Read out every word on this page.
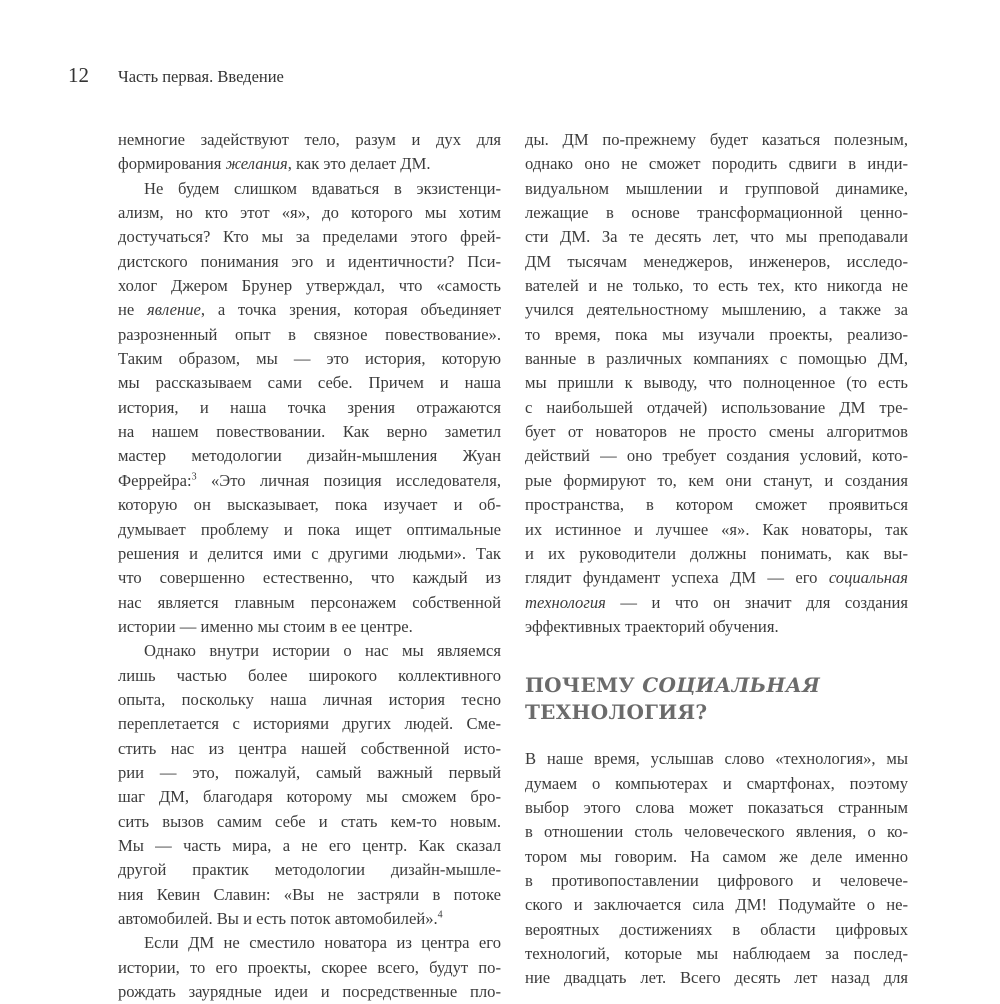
12	Часть первая. Введение
немногие задействуют тело, разум и дух для
формирования желания, как это делает ДМ.
Не будем слишком вдаваться в экзистенци-
ализм, но кто этот «я», до которого мы хотим
достучаться? Кто мы за пределами этого фрей-
дистского понимания эго и идентичности? Пси-
холог Джером Брунер утверждал, что «самость
не явление, а точка зрения, которая объединяет
разрозненный опыт в связное повествование».
Таким образом, мы — это история, которую
мы рассказываем сами себе. Причем и наша
история, и наша точка зрения отражаются
на нашем повествовании. Как верно заметил
мастер методологии дизайн-мышления Жуан
Феррейра:$^3$ «Это личная позиция исследователя,
которую он высказывает, пока изучает и об-
думывает проблему и пока ищет оптимальные
решения и делится ими с другими людьми». Так
что совершенно естественно, что каждый из
нас является главным персонажем собственной
истории — именно мы стоим в ее центре.
Однако внутри истории о нас мы являемся
лишь частью более широкого коллективного
опыта, поскольку наша личная история тесно
переплетается с историями других людей. Сме-
стить нас из центра нашей собственной исто-
рии — это, пожалуй, самый важный первый
шаг ДМ, благодаря которому мы сможем бро-
сить вызов самим себе и стать кем-то новым.
Мы — часть мира, а не его центр. Как сказал
другой практик методологии дизайн-мышле-
ния Кевин Славин: «Вы не застряли в потоке
автомобилей. Вы и есть поток автомобилей».$^4$
Если ДМ не сместило новатора из центра его
истории, то его проекты, скорее всего, будут по-
рождать заурядные идеи и посредственные пло-
ды. ДМ по-прежнему будет казаться полезным,
однако оно не сможет породить сдвиги в инди-
видуальном мышлении и групповой динамике,
лежащие в основе трансформационной ценно-
сти ДМ. За те десять лет, что мы преподавали
ДМ тысячам менеджеров, инженеров, исследо-
вателей и не только, то есть тех, кто никогда не
учился деятельностному мышлению, а также за
то время, пока мы изучали проекты, реализо-
ванные в различных компаниях с помощью ДМ,
мы пришли к выводу, что полноценное (то есть
с наибольшей отдачей) использование ДМ тре-
бует от новаторов не просто смены алгоритмов
действий — оно требует создания условий, кото-
рые формируют то, кем они станут, и создания
пространства, в котором сможет проявиться
их истинное и лучшее «я». Как новаторы, так
и их руководители должны понимать, как вы-
глядит фундамент успеха ДМ — его социальная
технология — и что он значит для создания
эффективных траекторий обучения.
ПОЧЕМУ СОЦИАЛЬНАЯ
ТЕХНОЛОГИЯ?
В наше время, услышав слово «технология», мы
думаем о компьютерах и смартфонах, поэтому
выбор этого слова может показаться странным
в отношении столь человеческого явления, о ко-
тором мы говорим. На самом же деле именно
в противопоставлении цифрового и человече-
ского и заключается сила ДМ! Подумайте о не-
вероятных достижениях в области цифровых
технологий, которые мы наблюдаем за послед-
ние двадцать лет. Всего десять лет назад для
